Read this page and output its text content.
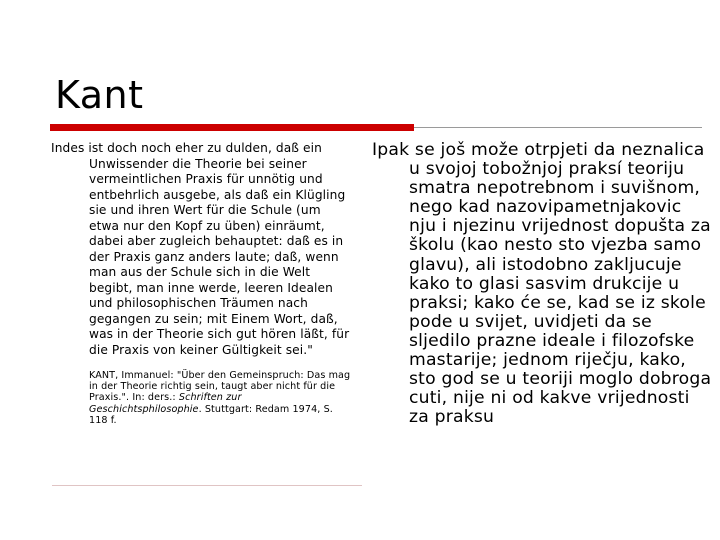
Kant

Indes ist doch noch eher zu dulden, daß ein Unwissender die Theorie bei seiner vermeintlichen Praxis für unnötig und entbehrlich ausgebe, als daß ein Klügling sie und ihren Wert für die Schule (um etwa nur den Kopf zu üben) einräumt, dabei aber zugleich behauptet: daß es in der Praxis ganz anders laute; daß, wenn man aus der Schule sich in die Welt begibt, man inne werde, leeren Idealen und philosophischen Träumen nach gegangen zu sein; mit Einem Wort, daß, was in der Theorie sich gut hören läßt, für die Praxis von keiner Gültigkeit sei."

KANT, Immanuel: "Über den Gemeinspruch: Das mag in der Theorie richtig sein, taugt aber nicht für die Praxis.". In: ders.: Schriften zur Geschichtsphilosophie. Stuttgart: Redam 1974, S. 118 f.

Ipak se još može otrpjeti da neznalica u svojoj tobožnjoj praksí teoriju smatra nepotrebnom i suvišnom, nego kad nazovipametnjakovic nju i njezinu vrijednost dopušta za školu (kao nesto sto vjezba samo glavu), ali istodobno zaklјucuje kako to glasi sasvim drukcije u praksi; kako će se, kad se iz skole pode u svijet, uvidjeti da se sljedilo prazne ideale i filozofske mastarije; jednom riječju, kako, sto god se u teoriji moglo dobroga cuti, nije ni od kakve vrijednosti za praksu
